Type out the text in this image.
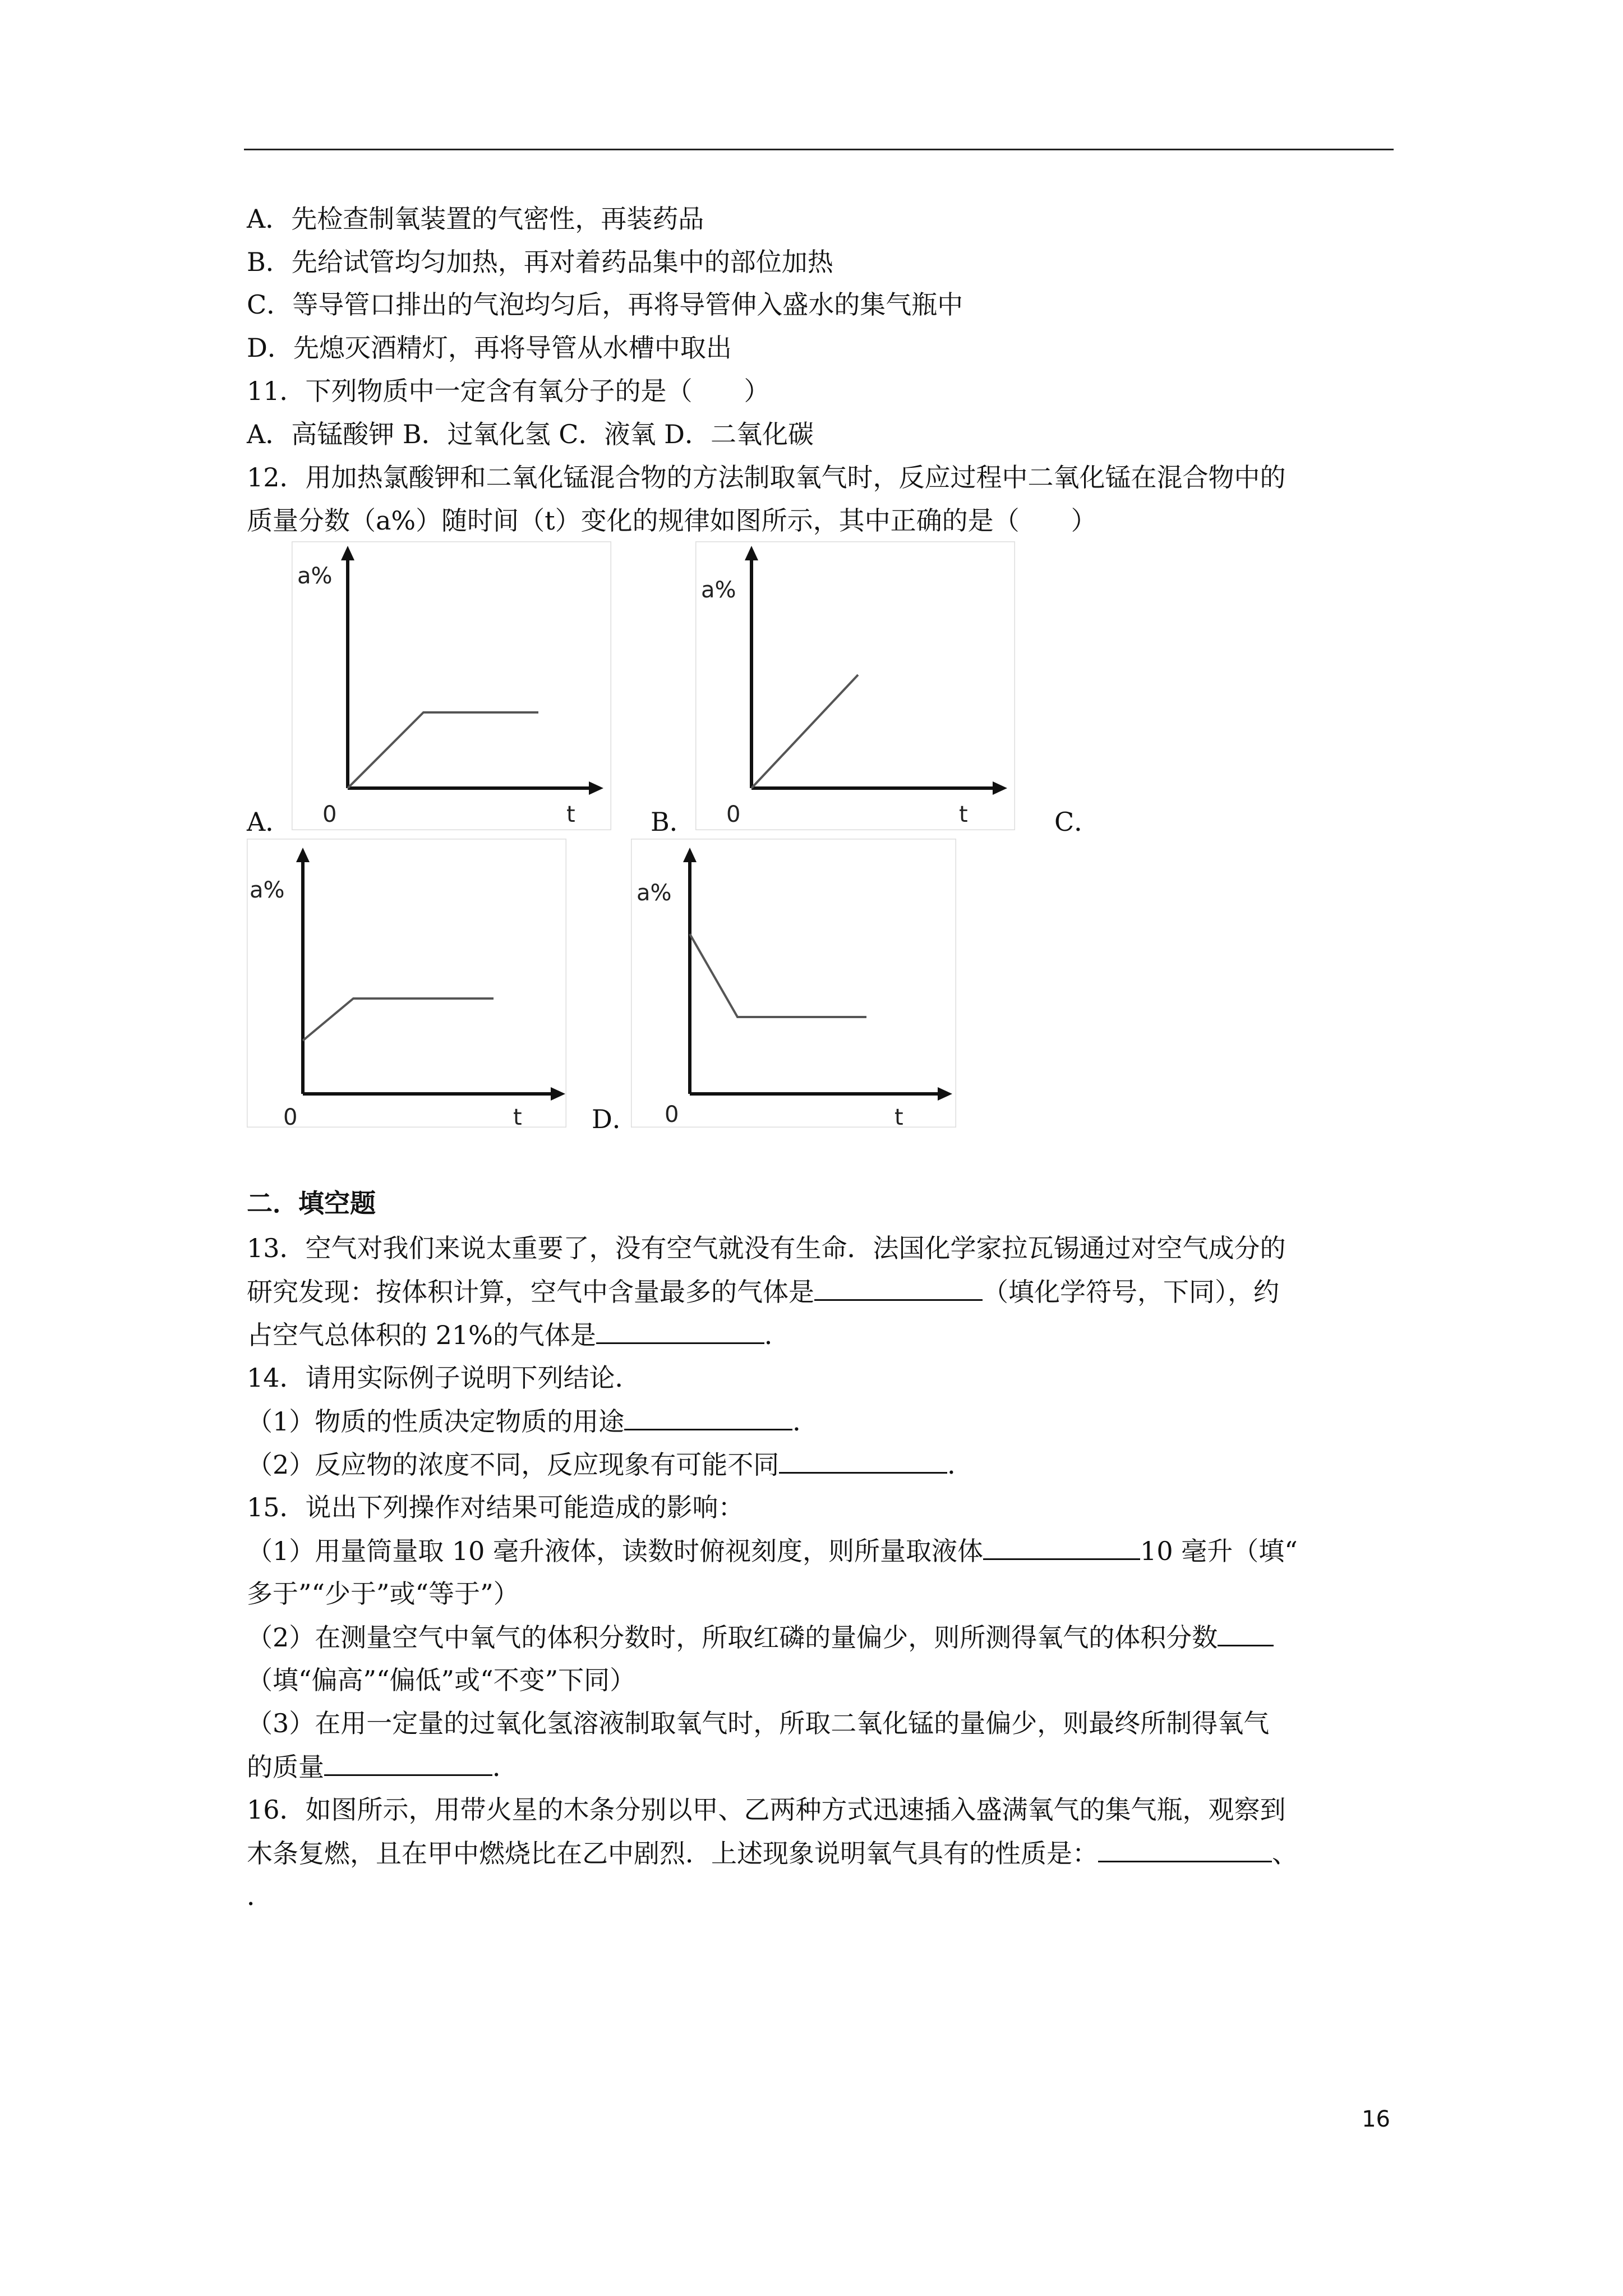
A．先检查制氧装置的气密性，再装药品
B．先给试管均匀加热，再对着药品集中的部位加热
C．等导管口排出的气泡均匀后，再将导管伸入盛水的集气瓶中
D．先熄灭酒精灯，再将导管从水槽中取出
11．下列物质中一定含有氧分子的是（　　）
A．高锰酸钾 B．过氧化氢 C．液氧 D．二氧化碳
12．用加热氯酸钾和二氧化锰混合物的方法制取氧气时，反应过程中二氧化锰在混合物中的
质量分数（a%）随时间（t）变化的规律如图所示，其中正确的是（　　）
a%
0	t
A．
a%
0	t
B．	C．
a%
0	t
a%
0	t
D．
二．填空题
13．空气对我们来说太重要了，没有空气就没有生命．法国化学家拉瓦锡通过对空气成分的
研究发现：按体积计算，空气中含量最多的气体是	（填化学符号，下同），约
占空气总体积的 21%的气体是	．
14．请用实际例子说明下列结论．
（1）物质的性质决定物质的用途	．
（2）反应物的浓度不同，反应现象有可能不同	．
15．说出下列操作对结果可能造成的影响：
（1）用量筒量取 10 毫升液体，读数时俯视刻度，则所量取液体	10 毫升（填“
多于”“少于”或“等于”）
（2）在测量空气中氧气的体积分数时，所取红磷的量偏少，则所测得氧气的体积分数
（填“偏高”“偏低”或“不变”下同）
（3）在用一定量的过氧化氢溶液制取氧气时，所取二氧化锰的量偏少，则最终所制得氧气
的质量	．
16．如图所示，用带火星的木条分别以甲、乙两种方式迅速插入盛满氧气的集气瓶，观察到
木条复燃，且在甲中燃烧比在乙中剧烈．上述现象说明氧气具有的性质是：	、
．
16
